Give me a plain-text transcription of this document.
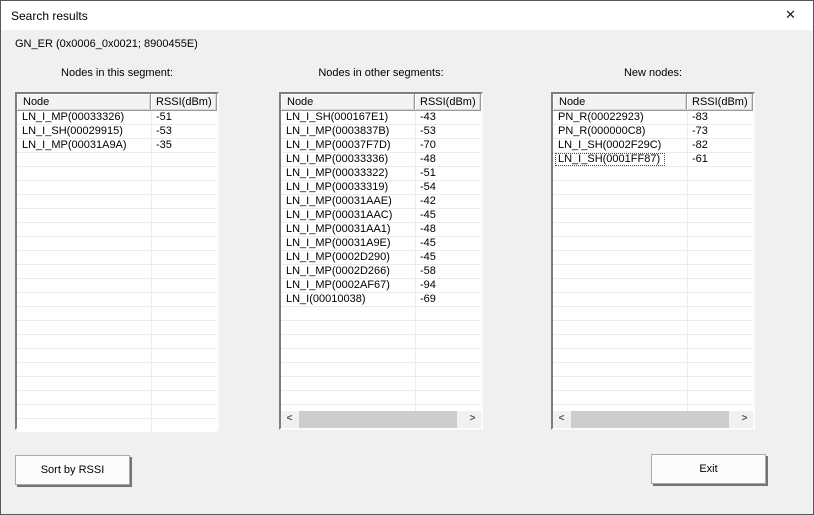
Search results	✕
GN_ER (0x0006_0x0021; 8900455E)
Nodes in this segment:
Node	RSSI(dBm)
LN_I_MP(00033326)	-51
LN_I_SH(00029915)	-53
LN_I_MP(00031A9A)	-35
Nodes in other segments:
Node	RSSI(dBm)
LN_I_SH(000167E1)	-43
LN_I_MP(0003837B)	-53
LN_I_MP(00037F7D)	-70
LN_I_MP(00033336)	-48
LN_I_MP(00033322)	-51
LN_I_MP(00033319)	-54
LN_I_MP(00031AAE)	-42
LN_I_MP(00031AAC)	-45
LN_I_MP(00031AA1)	-48
LN_I_MP(00031A9E)	-45
LN_I_MP(0002D290)	-45
LN_I_MP(0002D266)	-58
LN_I_MP(0002AF67)	-94
LN_I(00010038)	-69
<	>
New nodes:
Node	RSSI(dBm)
PN_R(00022923)	-83
PN_R(000000C8)	-73
LN_I_SH(0002F29C)	-82
LN_I_SH(0001FF87)	-61
<	>
Sort by RSSI	Exit
